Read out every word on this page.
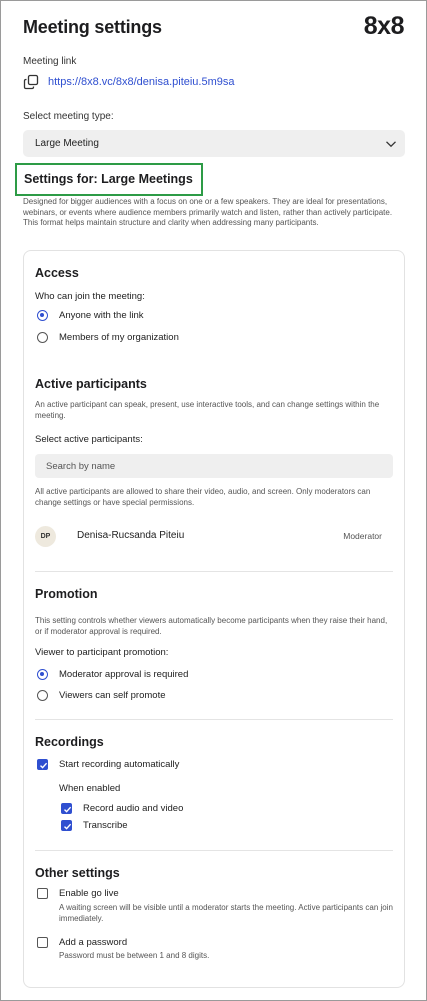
Meeting settings	8x8
Meeting link
https://8x8.vc/8x8/denisa.piteiu.5m9sa
Select meeting type:
Large Meeting
Settings for: Large Meetings
Designed for bigger audiences with a focus on one or a few speakers. They are ideal for presentations, webinars, or events where audience members primarily watch and listen, rather than actively participate. This format helps maintain structure and clarity when addressing many participants.
Access
Who can join the meeting:
Anyone with the link
Members of my organization
Active participants
An active participant can speak, present, use interactive tools, and can change settings within the meeting.
Select active participants:
Search by name
All active participants are allowed to share their video, audio, and screen. Only moderators can change settings or have special permissions.
DP	Denisa-Rucsanda Piteiu	Moderator
Promotion
This setting controls whether viewers automatically become participants when they raise their hand, or if moderator approval is required.
Viewer to participant promotion:
Moderator approval is required
Viewers can self promote
Recordings
Start recording automatically
When enabled
Record audio and video
Transcribe
Other settings
Enable go live
A waiting screen will be visible until a moderator starts the meeting. Active participants can join immediately.
Add a password
Password must be between 1 and 8 digits.
